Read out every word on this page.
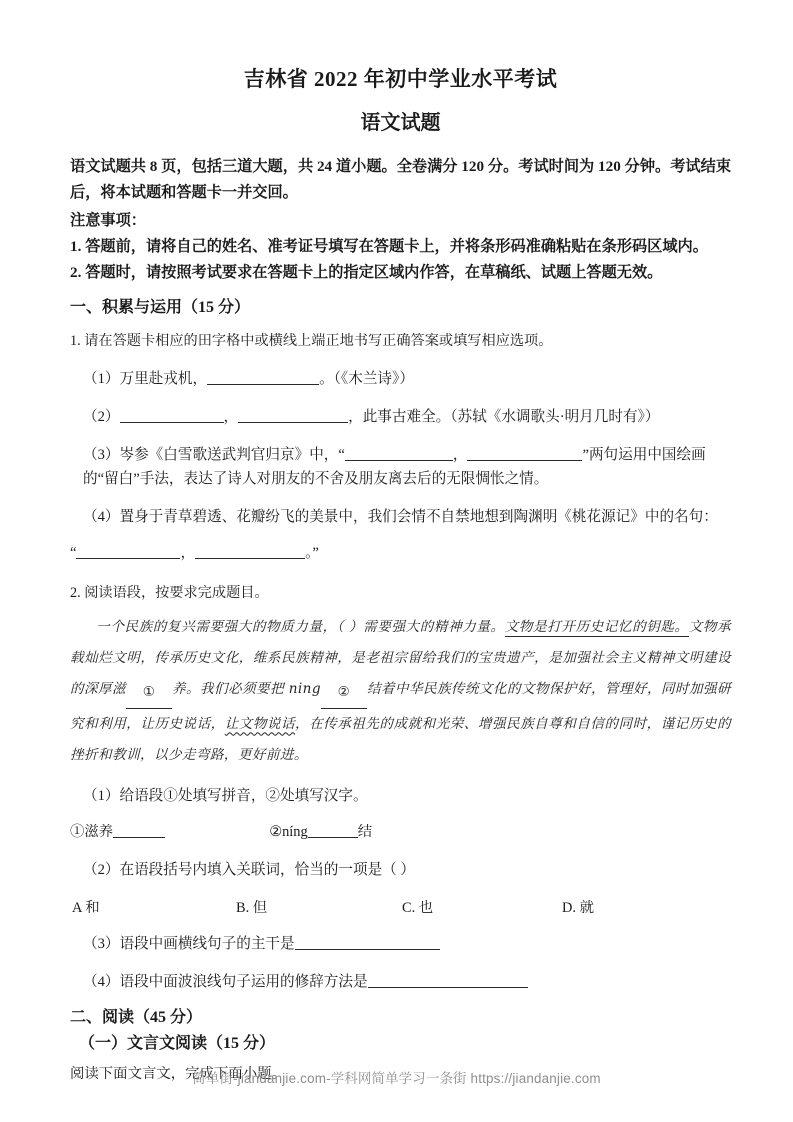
吉林省 2022 年初中学业水平考试
语文试题
语文试题共 8 页，包括三道大题，共 24 道小题。全卷满分 120 分。考试时间为 120 分钟。考试结束后，将本试题和答题卡一并交回。
注意事项：
1. 答题前，请将自己的姓名、准考证号填写在答题卡上，并将条形码准确粘贴在条形码区域内。
2. 答题时，请按照考试要求在答题卡上的指定区域内作答，在草稿纸、试题上答题无效。
一、积累与运用（15 分）
1. 请在答题卡相应的田字格中或横线上端正地书写正确答案或填写相应选项。
（1）万里赴戎机，	。（《木兰诗》）
（2）	，	，此事古难全。（苏轼《水调歌头·明月几时有》）
（3）岑参《白雪歌送武判官归京》中，“	，	”两句运用中国绘画的“留白”手法，表达了诗人对朋友的不舍及朋友离去后的无限惆怅之情。
（4）置身于青草碧透、花瓣纷飞的美景中，我们会情不自禁地想到陶渊明《桃花源记》中的名句：
“	，	。”
2. 阅读语段，按要求完成题目。
一个民族的复兴需要强大的物质力量，（ ）需要强大的精神力量。文物是打开历史记忆的钥匙。文物承载灿烂文明，传承历史文化，维系民族精神，是老祖宗留给我们的宝贵遗产，是加强社会主义精神文明建设的深厚滋 ① 养。我们必须要把 ning ② 结着中华民族传统文化的文物保护好，管理好，同时加强研究和利用，让历史说话，让文物说话，在传承祖先的成就和光荣、增强民族自尊和自信的同时，谨记历史的挫折和教训，以少走弯路，更好前进。
（1）给语段①处填写拼音，②处填写汉字。
①滋养	②níng	结
（2）在语段括号内填入关联词，恰当的一项是（ ）
A 和	B. 但	C. 也	D. 就
（3）语段中画横线句子的主干是
（4）语段中面波浪线句子运用的修辞方法是
二、阅读（45 分）
（一）文言文阅读（15 分）
阅读下面文言文，完成下面小题。
简单街-jiandanjie.com-学科网简单学习一条街 https://jiandanjie.com
